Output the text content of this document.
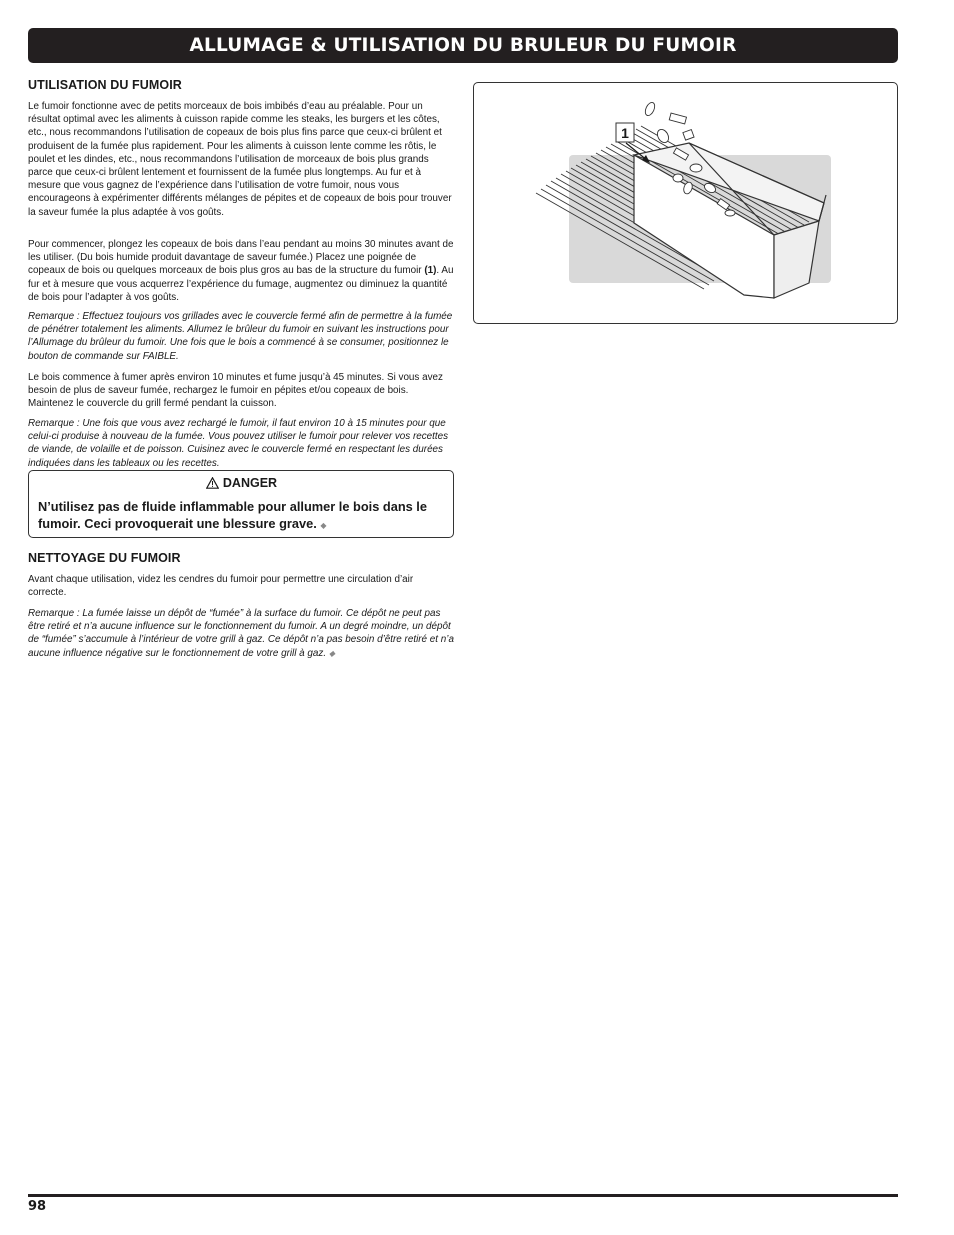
ALLUMAGE & UTILISATION DU BRULEUR DU FUMOIR
UTILISATION DU FUMOIR

Le fumoir fonctionne avec de petits morceaux de bois imbibés d’eau au préalable. Pour un résultat optimal avec les aliments à cuisson rapide comme les steaks, les burgers et les côtes, etc., nous recommandons l’utilisation de copeaux de bois plus fins parce que ceux-ci brûlent et produisent de la fumée plus rapidement. Pour les aliments à cuisson lente comme les rôtis, le poulet et les dindes, etc., nous recommandons l’utilisation de morceaux de bois plus grands parce que ceux-ci brûlent lentement et fournissent de la fumée plus longtemps. Au fur et à mesure que vous gagnez de l’expérience dans l’utilisation de votre fumoir, nous vous encourageons à expérimenter différents mélanges de pépites et de copeaux de bois pour trouver la saveur fumée la plus adaptée à vos goûts.

Pour commencer, plongez les copeaux de bois dans l’eau pendant au moins 30 minutes avant de les utiliser. (Du bois humide produit davantage de saveur fumée.) Placez une poignée de copeaux de bois ou quelques morceaux de bois plus gros au bas de la structure du fumoir (1). Au fur et à mesure que vous acquerrez l’expérience du fumage, augmentez ou diminuez la quantité de bois pour l’adapter à vos goûts.

Remarque : Effectuez toujours vos grillades avec le couvercle fermé afin de permettre à la fumée de pénétrer totalement les aliments. Allumez le brûleur du fumoir en suivant les instructions pour l’Allumage du brûleur du fumoir. Une fois que le bois a commencé à se consumer, positionnez le bouton de commande sur FAIBLE.

Le bois commence à fumer après environ 10 minutes et fume jusqu’à 45 minutes. Si vous avez besoin de plus de saveur fumée, rechargez le fumoir en pépites et/ou copeaux de bois. Maintenez le couvercle du grill fermé pendant la cuisson.

Remarque : Une fois que vous avez rechargé le fumoir, il faut environ 10 à 15 minutes pour que celui-ci produise à nouveau de la fumée. Vous pouvez utiliser le fumoir pour relever vos recettes de viande, de volaille et de poisson. Cuisinez avec le couvercle fermé en respectant les durées indiquées dans les tableaux ou les recettes.

DANGER
N’utilisez pas de fluide inflammable pour allumer le bois dans le fumoir. Ceci provoquerait une blessure grave. ◆
NETTOYAGE DU FUMOIR

Avant chaque utilisation, videz les cendres du fumoir pour permettre une circulation d’air correcte.

Remarque : La fumée laisse un dépôt de “fumée” à la surface du fumoir. Ce dépôt ne peut pas être retiré et n’a aucune influence sur le fonctionnement du fumoir. A un degré moindre, un dépôt de “fumée” s’accumule à l’intérieur de votre grill à gaz. Ce dépôt n’a pas besoin d’être retiré et n’a aucune influence négative sur le fonctionnement de votre grill à gaz. ◆

1
98
